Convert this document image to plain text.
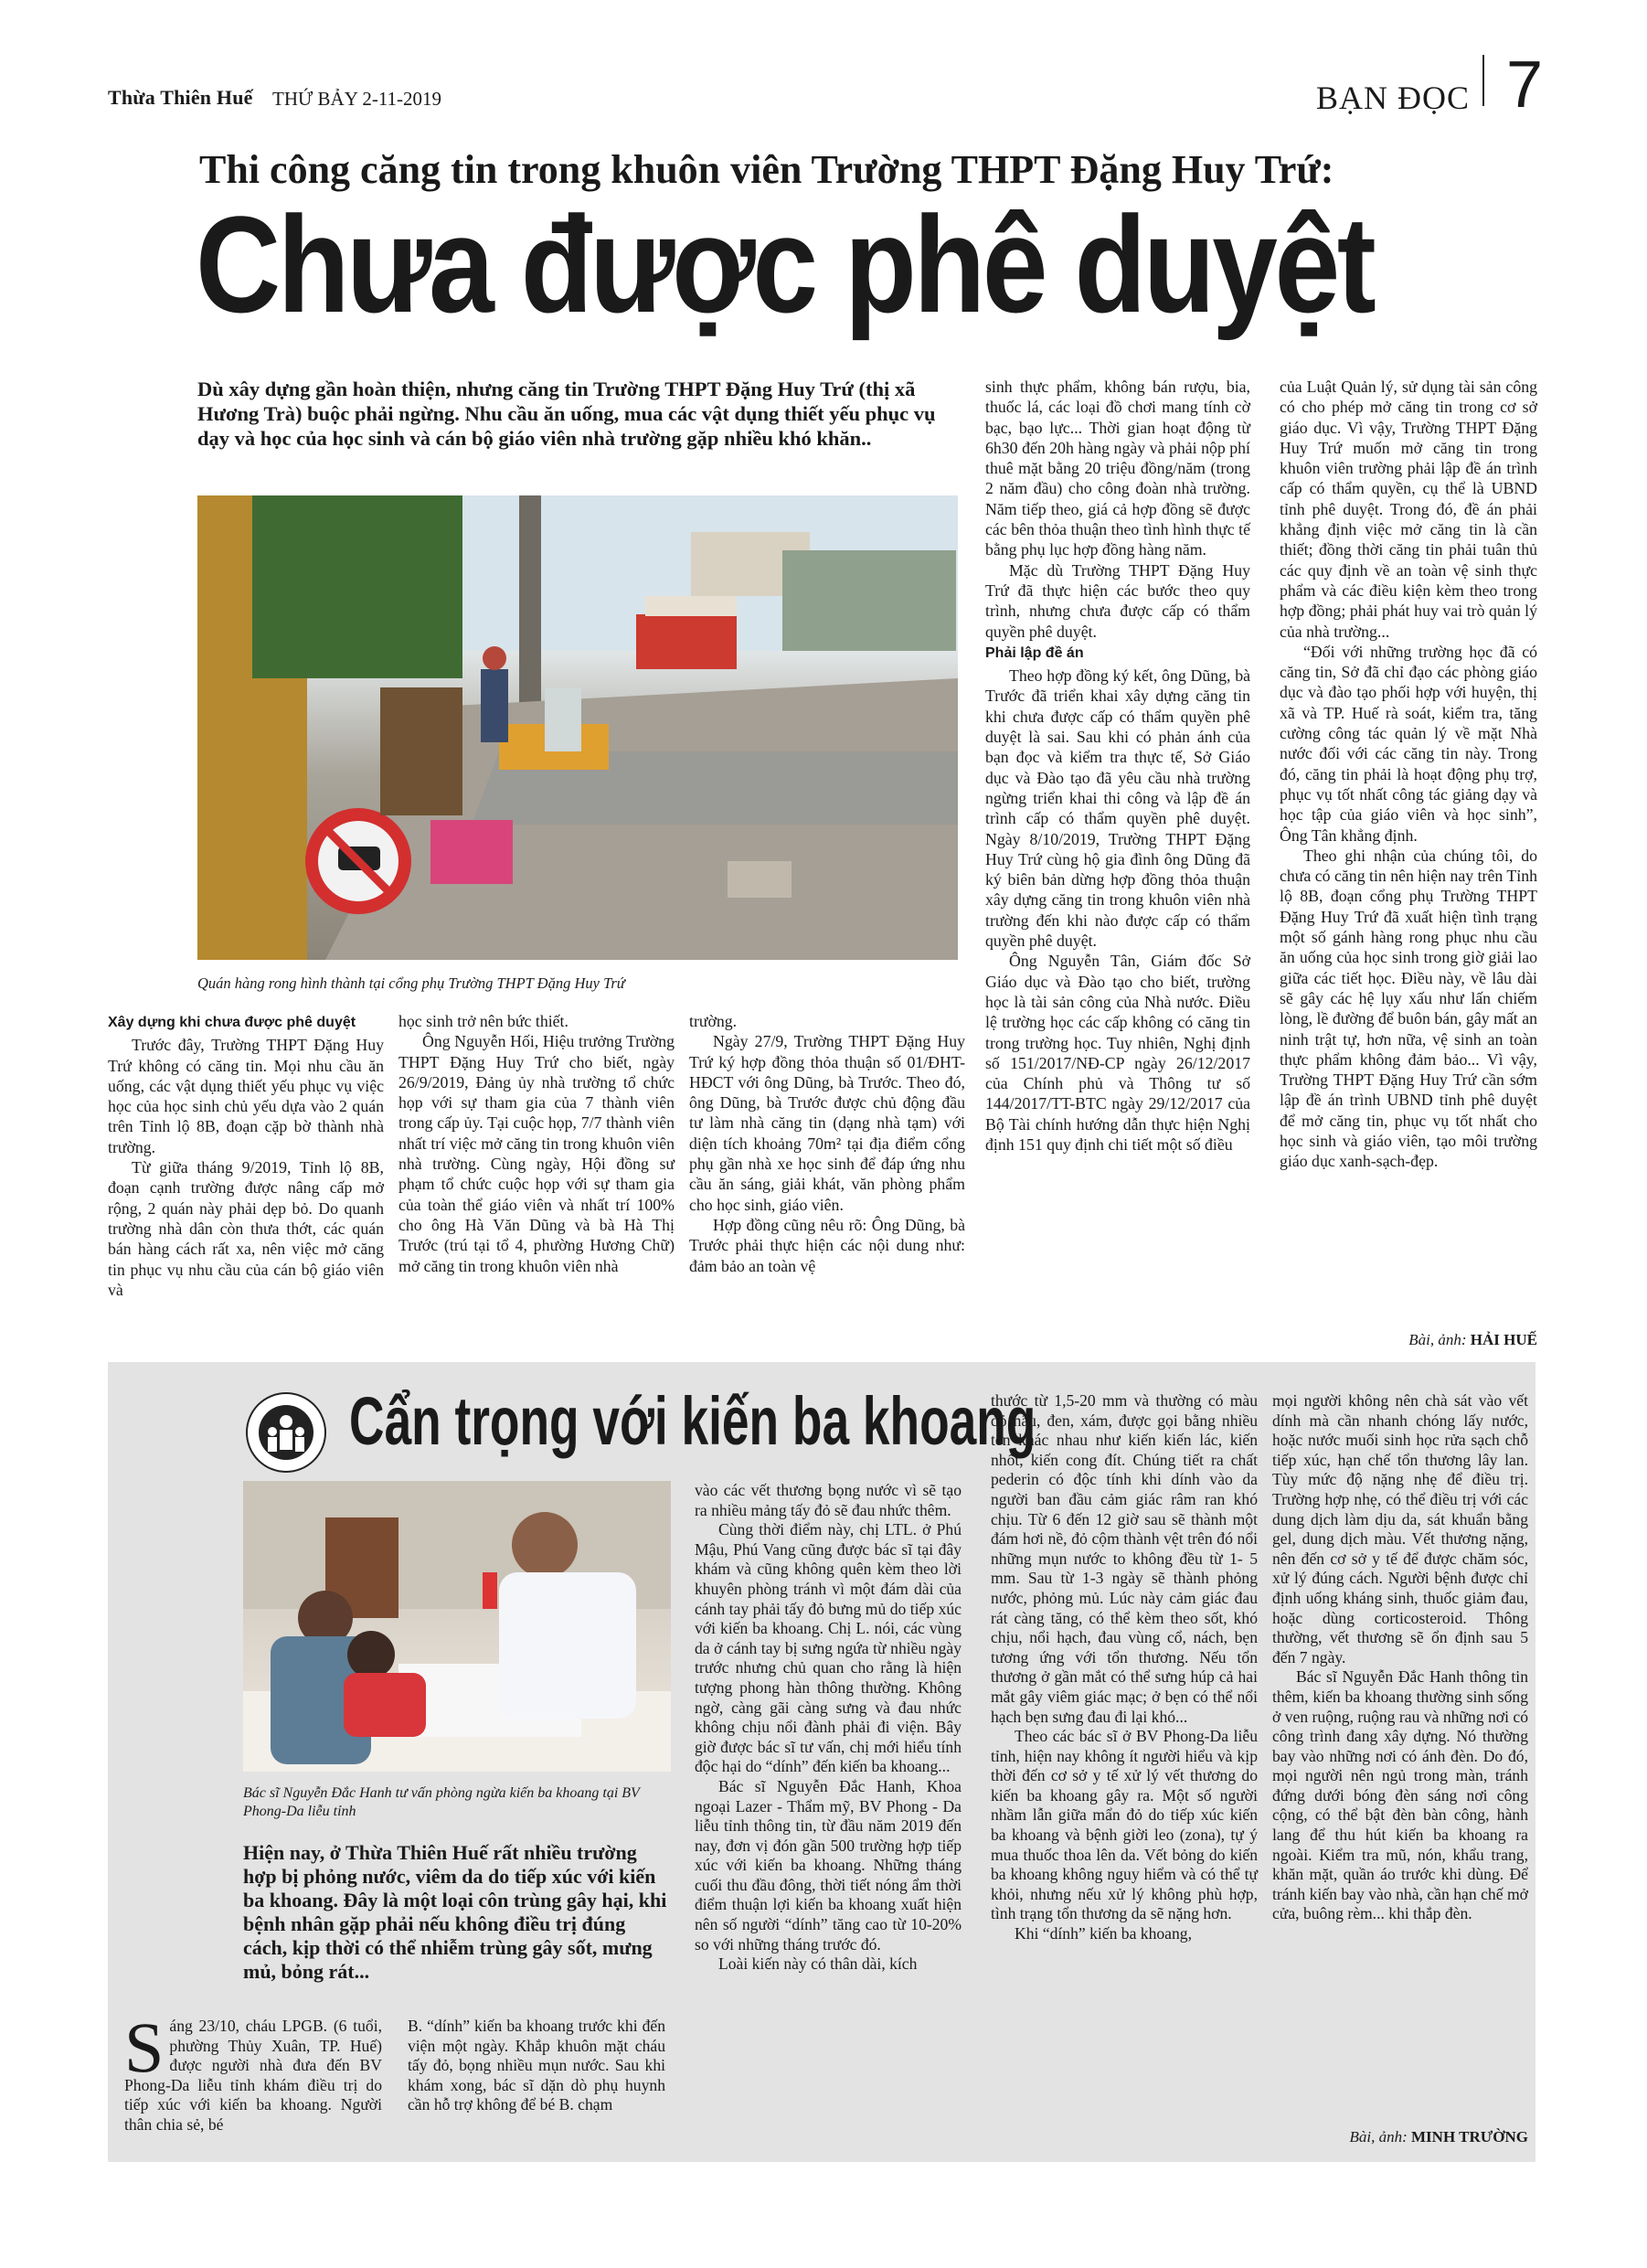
Thừa Thiên Huế THỨ BẢY 2-11-2019	BẠN ĐỌC 7
Thi công căng tin trong khuôn viên Trường THPT Đặng Huy Trứ:
Chưa được phê duyệt
Dù xây dựng gần hoàn thiện, nhưng căng tin Trường THPT Đặng Huy Trứ (thị xã Hương Trà) buộc phải ngừng. Nhu cầu ăn uống, mua các vật dụng thiết yếu phục vụ dạy và học của học sinh và cán bộ giáo viên nhà trường gặp nhiều khó khăn..
Quán hàng rong hình thành tại cổng phụ Trường THPT Đặng Huy Trứ
Xây dựng khi chưa được phê duyệt

Trước đây, Trường THPT Đặng Huy Trứ không có căng tin. Mọi nhu cầu ăn uống, các vật dụng thiết yếu phục vụ việc học của học sinh chủ yếu dựa vào 2 quán trên Tỉnh lộ 8B, đoạn cặp bờ thành nhà trường.

Từ giữa tháng 9/2019, Tỉnh lộ 8B, đoạn cạnh trường được nâng cấp mở rộng, 2 quán này phải dẹp bỏ. Do quanh trường nhà dân còn thưa thớt, các quán bán hàng cách rất xa, nên việc mở căng tin phục vụ nhu cầu của cán bộ giáo viên và

học sinh trở nên bức thiết.

Ông Nguyễn Hối, Hiệu trưởng Trường THPT Đặng Huy Trứ cho biết, ngày 26/9/2019, Đảng ủy nhà trường tổ chức họp với sự tham gia của 7 thành viên trong cấp ủy. Tại cuộc họp, 7/7 thành viên nhất trí việc mở căng tin trong khuôn viên nhà trường. Cùng ngày, Hội đồng sư phạm tổ chức cuộc họp với sự tham gia của toàn thể giáo viên và nhất trí 100% cho ông Hà Văn Dũng và bà Hà Thị Trước (trú tại tổ 4, phường Hương Chữ) mở căng tin trong khuôn viên nhà

trường.

Ngày 27/9, Trường THPT Đặng Huy Trứ ký hợp đồng thỏa thuận số 01/ĐHT-HĐCT với ông Dũng, bà Trước. Theo đó, ông Dũng, bà Trước được chủ động đầu tư làm nhà căng tin (dạng nhà tạm) với diện tích khoảng 70m² tại địa điểm cổng phụ gần nhà xe học sinh để đáp ứng nhu cầu ăn sáng, giải khát, văn phòng phẩm cho học sinh, giáo viên.

Hợp đồng cũng nêu rõ: Ông Dũng, bà Trước phải thực hiện các nội dung như: đảm bảo an toàn vệ

sinh thực phẩm, không bán rượu, bia, thuốc lá, các loại đồ chơi mang tính cờ bạc, bạo lực... Thời gian hoạt động từ 6h30 đến 20h hàng ngày và phải nộp phí thuê mặt bằng 20 triệu đồng/năm (trong 2 năm đầu) cho công đoàn nhà trường. Năm tiếp theo, giá cả hợp đồng sẽ được các bên thỏa thuận theo tình hình thực tế bằng phụ lục hợp đồng hàng năm.

Mặc dù Trường THPT Đặng Huy Trứ đã thực hiện các bước theo quy trình, nhưng chưa được cấp có thẩm quyền phê duyệt.

Phải lập đề án

Theo hợp đồng ký kết, ông Dũng, bà Trước đã triển khai xây dựng căng tin khi chưa được cấp có thẩm quyền phê duyệt là sai. Sau khi có phản ánh của bạn đọc và kiểm tra thực tế, Sở Giáo dục và Đào tạo đã yêu cầu nhà trường ngừng triển khai thi công và lập đề án trình cấp có thẩm quyền phê duyệt. Ngày 8/10/2019, Trường THPT Đặng Huy Trứ cùng hộ gia đình ông Dũng đã ký biên bản dừng hợp đồng thỏa thuận xây dựng căng tin trong khuôn viên nhà trường đến khi nào được cấp có thẩm quyền phê duyệt.

Ông Nguyễn Tân, Giám đốc Sở Giáo dục và Đào tạo cho biết, trường học là tài sản công của Nhà nước. Điều lệ trường học các cấp không có căng tin trong trường học. Tuy nhiên, Nghị định số 151/2017/NĐ-CP ngày 26/12/2017 của Chính phủ và Thông tư số 144/2017/TT-BTC ngày 29/12/2017 của Bộ Tài chính hướng dẫn thực hiện Nghị định 151 quy định chi tiết một số điều

của Luật Quản lý, sử dụng tài sản công có cho phép mở căng tin trong cơ sở giáo dục. Vì vậy, Trường THPT Đặng Huy Trứ muốn mở căng tin trong khuôn viên trường phải lập đề án trình cấp có thẩm quyền, cụ thể là UBND tỉnh phê duyệt. Trong đó, đề án phải khẳng định việc mở căng tin là cần thiết; đồng thời căng tin phải tuân thủ các quy định về an toàn vệ sinh thực phẩm và các điều kiện kèm theo trong hợp đồng; phải phát huy vai trò quản lý của nhà trường...

“Đối với những trường học đã có căng tin, Sở đã chỉ đạo các phòng giáo dục và đào tạo phối hợp với huyện, thị xã và TP. Huế rà soát, kiểm tra, tăng cường công tác quản lý về mặt Nhà nước đối với các căng tin này. Trong đó, căng tin phải là hoạt động phụ trợ, phục vụ tốt nhất công tác giảng dạy và học tập của giáo viên và học sinh”, Ông Tân khẳng định.

Theo ghi nhận của chúng tôi, do chưa có căng tin nên hiện nay trên Tỉnh lộ 8B, đoạn cổng phụ Trường THPT Đặng Huy Trứ đã xuất hiện tình trạng một số gánh hàng rong phục nhu cầu ăn uống của học sinh trong giờ giải lao giữa các tiết học. Điều này, về lâu dài sẽ gây các hệ lụy xấu như lấn chiếm lòng, lề đường để buôn bán, gây mất an ninh trật tự, hơn nữa, vệ sinh an toàn thực phẩm không đảm bảo... Vì vậy, Trường THPT Đặng Huy Trứ cần sớm lập đề án trình UBND tỉnh phê duyệt để mở căng tin, phục vụ tốt nhất cho học sinh và giáo viên, tạo môi trường giáo dục xanh-sạch-đẹp.

Bài, ảnh: HẢI HUẾ
Cẩn trọng với kiến ba khoang
Bác sĩ Nguyễn Đắc Hanh tư vấn phòng ngừa kiến ba khoang tại BV Phong-Da liễu tỉnh
Hiện nay, ở Thừa Thiên Huế rất nhiều trường hợp bị phỏng nước, viêm da do tiếp xúc với kiến ba khoang. Đây là một loại côn trùng gây hại, khi bệnh nhân gặp phải nếu không điều trị đúng cách, kịp thời có thể nhiễm trùng gây sốt, mưng mủ, bỏng rát...
S áng 23/10, cháu LPGB. (6 tuổi, phường Thủy Xuân, TP. Huế) được người nhà đưa đến BV Phong-Da liễu tỉnh khám điều trị do tiếp xúc với kiến ba khoang. Người thân chia sẻ, bé

B. “dính” kiến ba khoang trước khi đến viện một ngày. Khắp khuôn mặt cháu tấy đỏ, bọng nhiều mụn nước. Sau khi khám xong, bác sĩ dặn dò phụ huynh cần hỗ trợ không để bé B. chạm

vào các vết thương bọng nước vì sẽ tạo ra nhiều mảng tấy đỏ sẽ đau nhức thêm.

Cùng thời điểm này, chị LTL. ở Phú Mậu, Phú Vang cũng được bác sĩ tại đây khám và cũng không quên kèm theo lời khuyên phòng tránh vì một đám dài của cánh tay phải tấy đỏ bưng mủ do tiếp xúc với kiến ba khoang. Chị L. nói, các vùng da ở cánh tay bị sưng ngứa từ nhiều ngày trước nhưng chủ quan cho rằng là hiện tượng phong hàn thông thường. Không ngờ, càng gãi càng sưng và đau nhức không chịu nổi đành phải đi viện. Bây giờ được bác sĩ tư vấn, chị mới hiểu tính độc hại do “dính” đến kiến ba khoang...

Bác sĩ Nguyễn Đắc Hanh, Khoa ngoại Lazer - Thẩm mỹ, BV Phong - Da liễu tỉnh thông tin, từ đầu năm 2019 đến nay, đơn vị đón gần 500 trường hợp tiếp xúc với kiến ba khoang. Những tháng cuối thu đầu đông, thời tiết nóng ẩm thời điểm thuận lợi kiến ba khoang xuất hiện nên số người “dính” tăng cao từ 10-20% so với những tháng trước đó.

Loài kiến này có thân dài, kích

thước từ 1,5-20 mm và thường có màu đỏ nâu, đen, xám, được gọi bằng nhiều tên khác nhau như kiến kiến lác, kiến nhốt, kiến cong đít. Chúng tiết ra chất pederin có độc tính khi dính vào da người ban đầu cảm giác râm ran khó chịu. Từ 6 đến 12 giờ sau sẽ thành một đám hơi nề, đỏ cộm thành vệt trên đó nổi những mụn nước to không đều từ 1- 5 mm. Sau từ 1-3 ngày sẽ thành phỏng nước, phỏng mủ. Lúc này cảm giác đau rát càng tăng, có thể kèm theo sốt, khó chịu, nổi hạch, đau vùng cổ, nách, bẹn tương ứng với tổn thương. Nếu tổn thương ở gần mắt có thể sưng húp cả hai mắt gây viêm giác mạc; ở bẹn có thể nổi hạch bẹn sưng đau đi lại khó...

Theo các bác sĩ ở BV Phong-Da liễu tỉnh, hiện nay không ít người hiểu và kịp thời đến cơ sở y tế xử lý vết thương do kiến ba khoang gây ra. Một số người nhầm lẫn giữa mẩn đỏ do tiếp xúc kiến ba khoang và bệnh giời leo (zona), tự ý mua thuốc thoa lên da. Vết bỏng do kiến ba khoang không nguy hiểm và có thể tự khỏi, nhưng nếu xử lý không phù hợp, tình trạng tổn thương da sẽ nặng hơn.

Khi “dính” kiến ba khoang,

mọi người không nên chà sát vào vết dính mà cần nhanh chóng lấy nước, hoặc nước muối sinh học rửa sạch chỗ tiếp xúc, hạn chế tổn thương lây lan. Tùy mức độ nặng nhẹ để điều trị. Trường hợp nhẹ, có thể điều trị với các dung dịch làm dịu da, sát khuẩn bằng gel, dung dịch màu. Vết thương nặng, nên đến cơ sở y tế để được chăm sóc, xử lý đúng cách. Người bệnh được chỉ định uống kháng sinh, thuốc giảm đau, hoặc dùng corticosteroid. Thông thường, vết thương sẽ ổn định sau 5 đến 7 ngày.

Bác sĩ Nguyễn Đắc Hanh thông tin thêm, kiến ba khoang thường sinh sống ở ven ruộng, ruộng rau và những nơi có công trình đang xây dựng. Nó thường bay vào những nơi có ánh đèn. Do đó, mọi người nên ngủ trong màn, tránh đứng dưới bóng đèn sáng nơi công cộng, có thể bật đèn bàn công, hành lang để thu hút kiến ba khoang ra ngoài. Kiểm tra mũ, nón, khẩu trang, khăn mặt, quần áo trước khi dùng. Để tránh kiến bay vào nhà, cần hạn chế mở cửa, buông rèm... khi thắp đèn.

Bài, ảnh: MINH TRƯỜNG
